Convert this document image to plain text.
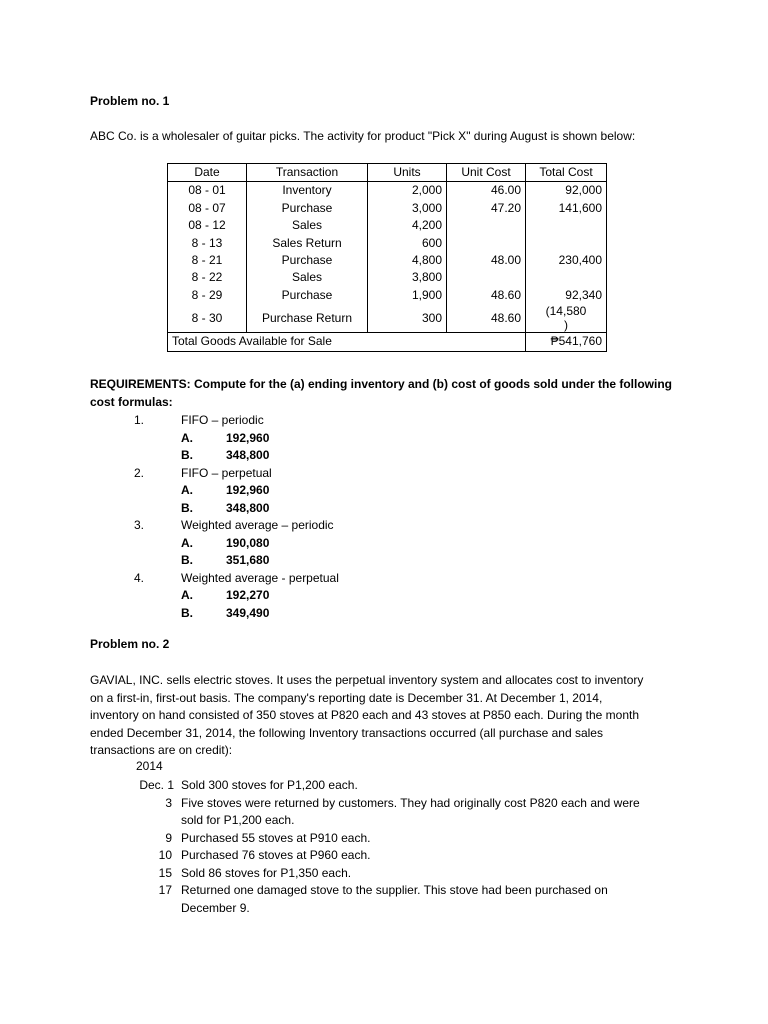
Problem no. 1
ABC Co. is a wholesaler of guitar picks. The activity for product "Pick X" during August is shown below:
Date	Transaction	Units	Unit Cost	Total Cost
08 - 01	Inventory	2,000	46.00	92,000
08 - 07	Purchase	3,000	47.20	141,600
08 - 12	Sales	4,200		
8 - 13	Sales Return	600		
8 - 21	Purchase	4,800	48.00	230,400
8 - 22	Sales	3,800		
8 - 29	Purchase	1,900	48.60	92,340
8 - 30	Purchase Return	300	48.60	(14,580
)
Total Goods Available for Sale				₱541,760
REQUIREMENTS: Compute for the (a) ending inventory and (b) cost of goods sold under the following
cost formulas:
1.	FIFO – periodic
A.	192,960
B.	348,800
2.	FIFO – perpetual
A.	192,960
B.	348,800
3.	Weighted average – periodic
A.	190,080
B.	351,680
4.	Weighted average - perpetual
A.	192,270
B.	349,490
Problem no. 2
GAVIAL, INC. sells electric stoves. It uses the perpetual inventory system and allocates cost to inventory
on a first-in, first-out basis. The company's reporting date is December 31. At December 1, 2014,
inventory on hand consisted of 350 stoves at P820 each and 43 stoves at P850 each. During the month
ended December 31, 2014, the following Inventory transactions occurred (all purchase and sales
transactions are on credit):
2014
Dec. 1 Sold 300 stoves for P1,200 each.
3 Five stoves were returned by customers. They had originally cost P820 each and were
sold for P1,200 each.
9 Purchased 55 stoves at P910 each.
10 Purchased 76 stoves at P960 each.
15 Sold 86 stoves for P1,350 each.
17 Returned one damaged stove to the supplier. This stove had been purchased on
December 9.
